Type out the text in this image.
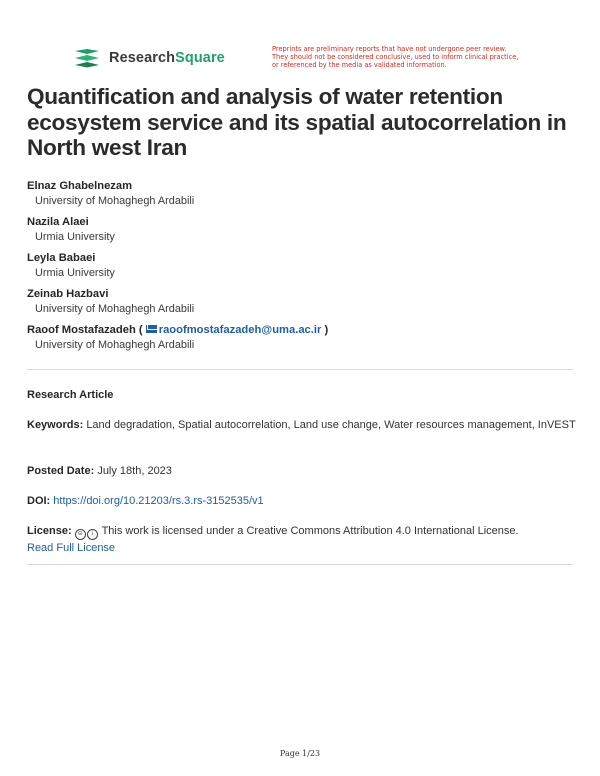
ResearchSquare
Preprints are preliminary reports that have not undergone peer review.
They should not be considered conclusive, used to inform clinical practice,
or referenced by the media as validated information.
Quantification and analysis of water retention ecosystem service and its spatial autocorrelation in North west Iran
Elnaz Ghabelnezam
University of Mohaghegh Ardabili
Nazila Alaei
Urmia University
Leyla Babaei
Urmia University
Zeinab Hazbavi
University of Mohaghegh Ardabili
Raoof Mostafazadeh ( raoofmostafazadeh@uma.ac.ir )
University of Mohaghegh Ardabili
Research Article
Keywords: Land degradation, Spatial autocorrelation, Land use change, Water resources management, InVEST
Posted Date: July 18th, 2023
DOI: https://doi.org/10.21203/rs.3.rs-3152535/v1
License: ⊝ i This work is licensed under a Creative Commons Attribution 4.0 International License.
Read Full License
Page 1/23
